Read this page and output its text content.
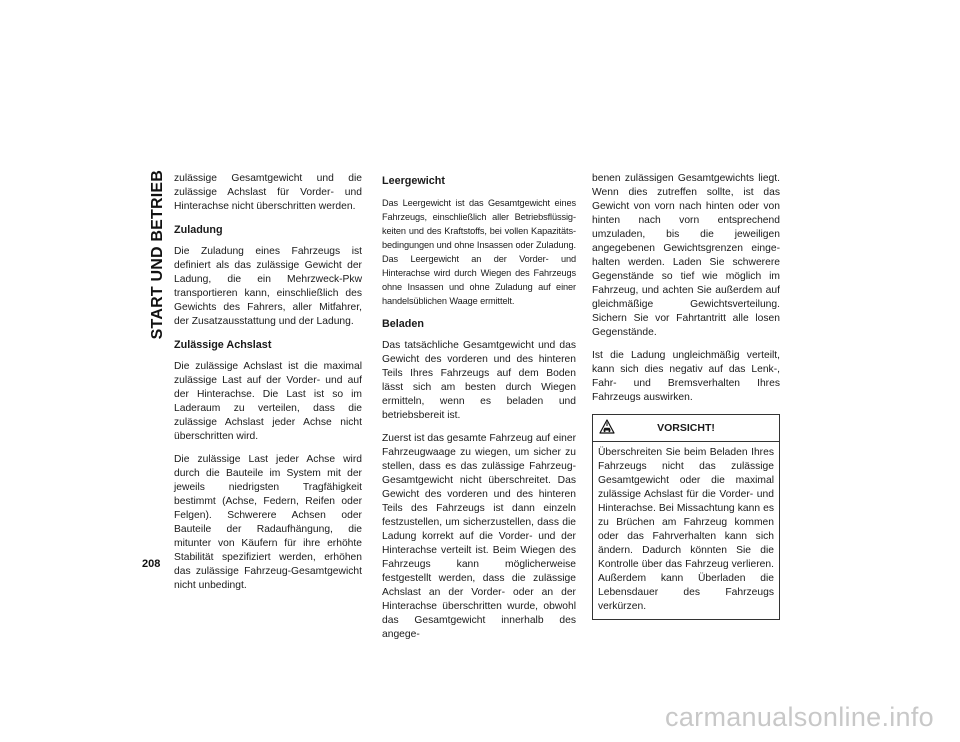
START UND BETRIEB zulässige Gesamtgewicht und die zulässige Achslast für Vorder- und Hinterachse nicht überschritten werden.

Zuladung

Die Zuladung eines Fahrzeugs ist definiert als das zulässige Gewicht der Ladung, die ein Mehrzweck-Pkw transportieren kann, einschließlich des Gewichts des Fahrers, aller Mitfahrer, der Zusatzausstattung und der Ladung.

Zulässige Achslast

Die zulässige Achslast ist die maximal zulässige Last auf der Vorder- und auf der Hinterachse. Die Last ist so im Laderaum zu verteilen, dass die zulässige Achslast jeder Achse nicht überschritten wird.

Die zulässige Last jeder Achse wird durch die Bauteile im System mit der jeweils niedrigsten Tragfähigkeit bestimmt (Achse, Federn, Reifen oder Felgen). Schwerere Achsen oder Bauteile der Radaufhängung, die mitunter von Käufern für ihre erhöhte Stabilität spezifiziert werden, erhöhen das zulässige Fahrzeug-Gesamtgewicht nicht unbedingt.

Leergewicht

Das Leergewicht ist das Gesamtgewicht eines Fahrzeugs, einschließlich aller Betriebsflüssigkeiten und des Kraftstoffs, bei vollen Kapazitätsbedingungen und ohne Insassen oder Zuladung. Das Leergewicht an der Vorder- und Hinterachse wird durch Wiegen des Fahrzeugs ohne Insassen und ohne Zuladung auf einer handelsüblichen Waage ermittelt.

Beladen

Das tatsächliche Gesamtgewicht und das Gewicht des vorderen und des hinteren Teils Ihres Fahrzeugs auf dem Boden lässt sich am besten durch Wiegen ermitteln, wenn es beladen und betriebsbereit ist.

Zuerst ist das gesamte Fahrzeug auf einer Fahrzeugwaage zu wiegen, um sicher zu stellen, dass es das zulässige Fahrzeug-Gesamtgewicht nicht überschreitet. Das Gewicht des vorderen und des hinteren Teils des Fahrzeugs ist dann einzeln festzustellen, um sicherzustellen, dass die Ladung korrekt auf die Vorder- und der Hinterachse verteilt ist. Beim Wiegen des Fahrzeugs kann möglicherweise festgestellt werden, dass die zulässige Achslast an der Vorder- oder an der Hinterachse überschritten wurde, obwohl das Gesamtgewicht innerhalb des angege-

benen zulässigen Gesamtgewichts liegt. Wenn dies zutreffen sollte, ist das Gewicht von vorn nach hinten oder von hinten nach vorn entsprechend umzuladen, bis die jeweiligen angegebenen Gewichtsgrenzen eingehalten werden. Laden Sie schwerere Gegenstände so tief wie möglich im Fahrzeug, und achten Sie außerdem auf gleichmäßige Gewichtsverteilung. Sichern Sie vor Fahrtantritt alle losen Gegenstände.

Ist die Ladung ungleichmäßig verteilt, kann sich dies negativ auf das Lenk-, Fahr- und Bremsverhalten Ihres Fahrzeugs auswirken.

VORSICHT!
Überschreiten Sie beim Beladen Ihres Fahrzeugs nicht das zulässige Gesamtgewicht oder die maximal zulässige Achslast für die Vorder- und Hinterachse. Bei Missachtung kann es zu Brüchen am Fahrzeug kommen oder das Fahrverhalten kann sich ändern. Dadurch könnten Sie die Kontrolle über das Fahrzeug verlieren. Außerdem kann Überladen die Lebensdauer des Fahrzeugs verkürzen.
208
carmanualsonline.info
